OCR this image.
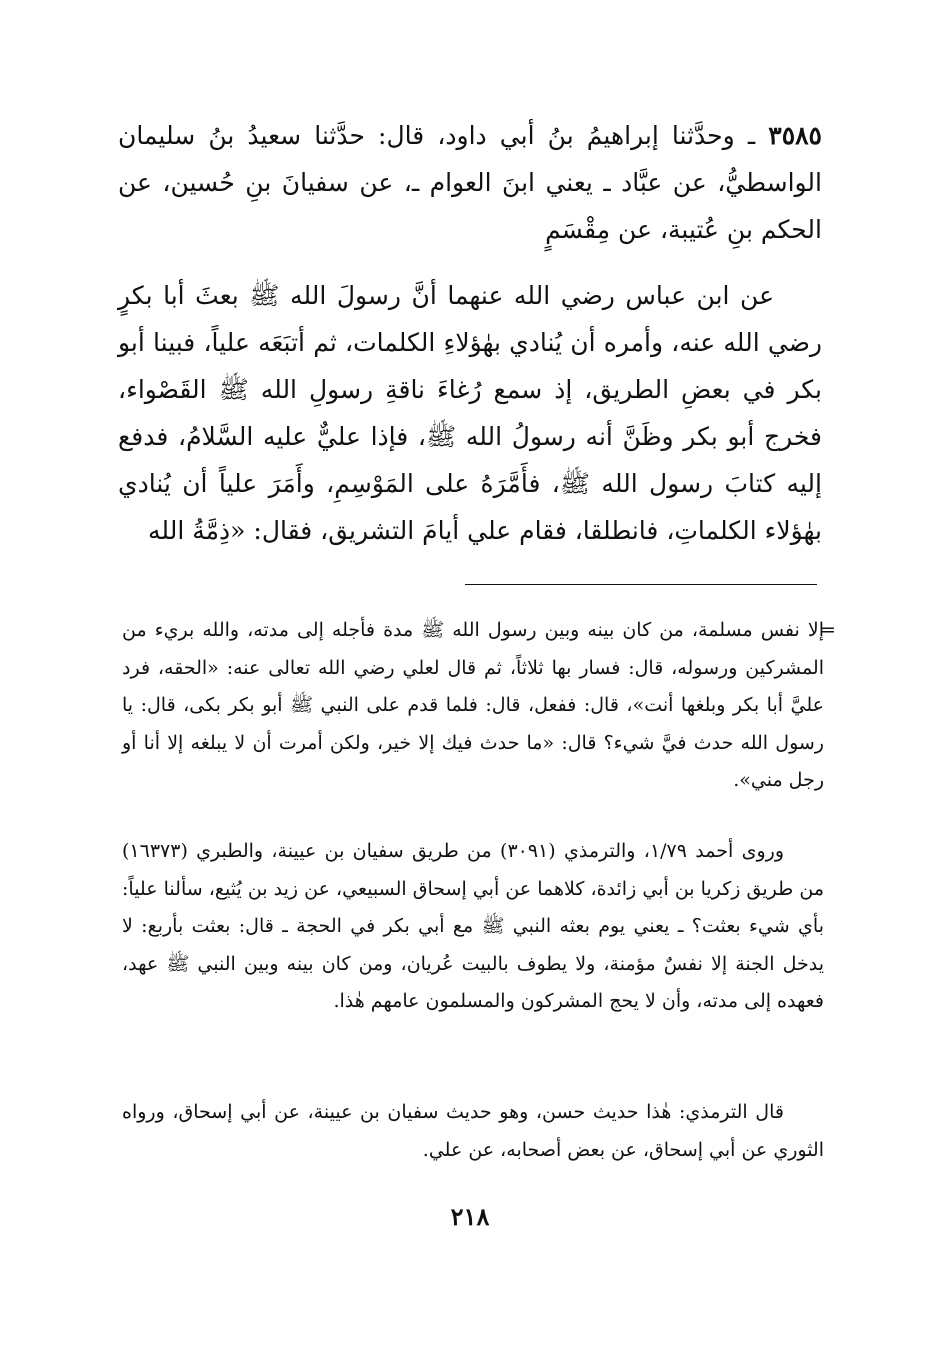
٣٥٨٥ ـ وحدَّثنا إبراهيمُ بنُ أبي داود، قال: حدَّثنا سعيدُ بنُ سليمان الواسطيُّ، عن عبَّاد ـ يعني ابنَ العوام ـ، عن سفيانَ بنِ حُسين، عن الحكم بنِ عُتيبة، عن مِقْسَمٍ

عن ابن عباس رضي الله عنهما أنَّ رسولَ الله ﷺ بعثَ أبا بكرٍ رضي الله عنه، وأمره أن يُنادي بهٰؤلاءِ الكلمات، ثم أتبَعَه علياً، فبينا أبو بكر في بعضِ الطريق، إذ سمع رُغاءَ ناقةِ رسولِ الله ﷺ القَصْواء، فخرج أبو بكر وظَنَّ أنه رسولُ الله ﷺ، فإذا عليٌّ عليه السَّلامُ، فدفع إليه كتابَ رسول الله ﷺ، فأَمَّرَهُ على المَوْسِمِ، وأَمَرَ علياً أن يُنادي بهٰؤلاء الكلماتِ، فانطلقا، فقام علي أيامَ التشريق، فقال: «ذِمَّةُ الله

=

إلا نفس مسلمة، من كان بينه وبين رسول الله ﷺ مدة فأجله إلى مدته، والله بريء من المشركين ورسوله، قال: فسار بها ثلاثاً، ثم قال لعلي رضي الله تعالى عنه: «الحقه، فرد عليَّ أبا بكر وبلغها أنت»، قال: ففعل، قال: فلما قدم على النبي ﷺ أبو بكر بكى، قال: يا رسول الله حدث فيَّ شيء؟ قال: «ما حدث فيك إلا خير، ولكن أمرت أن لا يبلغه إلا أنا أو رجل مني».

وروى أحمد ١/٧٩، والترمذي (٣٠٩١) من طريق سفيان بن عيينة، والطبري (١٦٣٧٣) من طريق زكريا بن أبي زائدة، كلاهما عن أبي إسحاق السبيعي، عن زيد بن يُثيع، سألنا علياً: بأي شيء بعثت؟ ـ يعني يوم بعثه النبي ﷺ مع أبي بكر في الحجة ـ قال: بعثت بأربع: لا يدخل الجنة إلا نفسٌ مؤمنة، ولا يطوف بالبيت عُريان، ومن كان بينه وبين النبي ﷺ عهد، فعهده إلى مدته، وأن لا يحج المشركون والمسلمون عامهم هٰذا.

قال الترمذي: هٰذا حديث حسن، وهو حديث سفيان بن عيينة، عن أبي إسحاق، ورواه الثوري عن أبي إسحاق، عن بعض أصحابه، عن علي.

٢١٨
